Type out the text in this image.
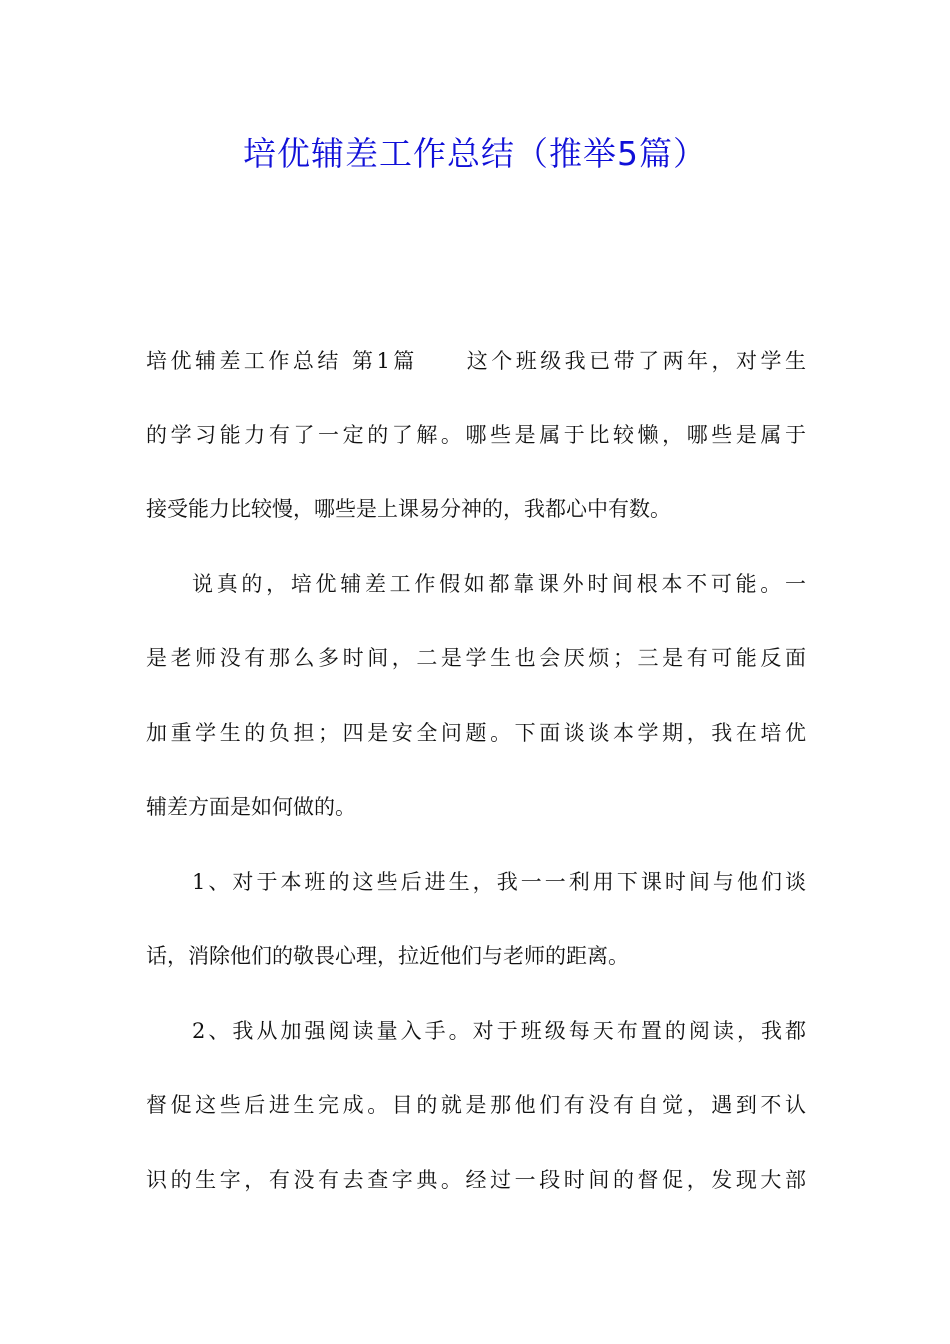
培优辅差工作总结（推举5篇）
培优辅差工作总结 第1篇　　这个班级我已带了两年，对学生
的学习能力有了一定的了解。哪些是属于比较懒，哪些是属于
接受能力比较慢，哪些是上课易分神的，我都心中有数。
说真的，培优辅差工作假如都靠课外时间根本不可能。一
是老师没有那么多时间，二是学生也会厌烦；三是有可能反面
加重学生的负担；四是安全问题。下面谈谈本学期，我在培优
辅差方面是如何做的。
1、对于本班的这些后进生，我一一利用下课时间与他们谈
话，消除他们的敬畏心理，拉近他们与老师的距离。
2、我从加强阅读量入手。对于班级每天布置的阅读，我都
督促这些后进生完成。目的就是那他们有没有自觉，遇到不认
识的生字，有没有去查字典。经过一段时间的督促，发现大部
